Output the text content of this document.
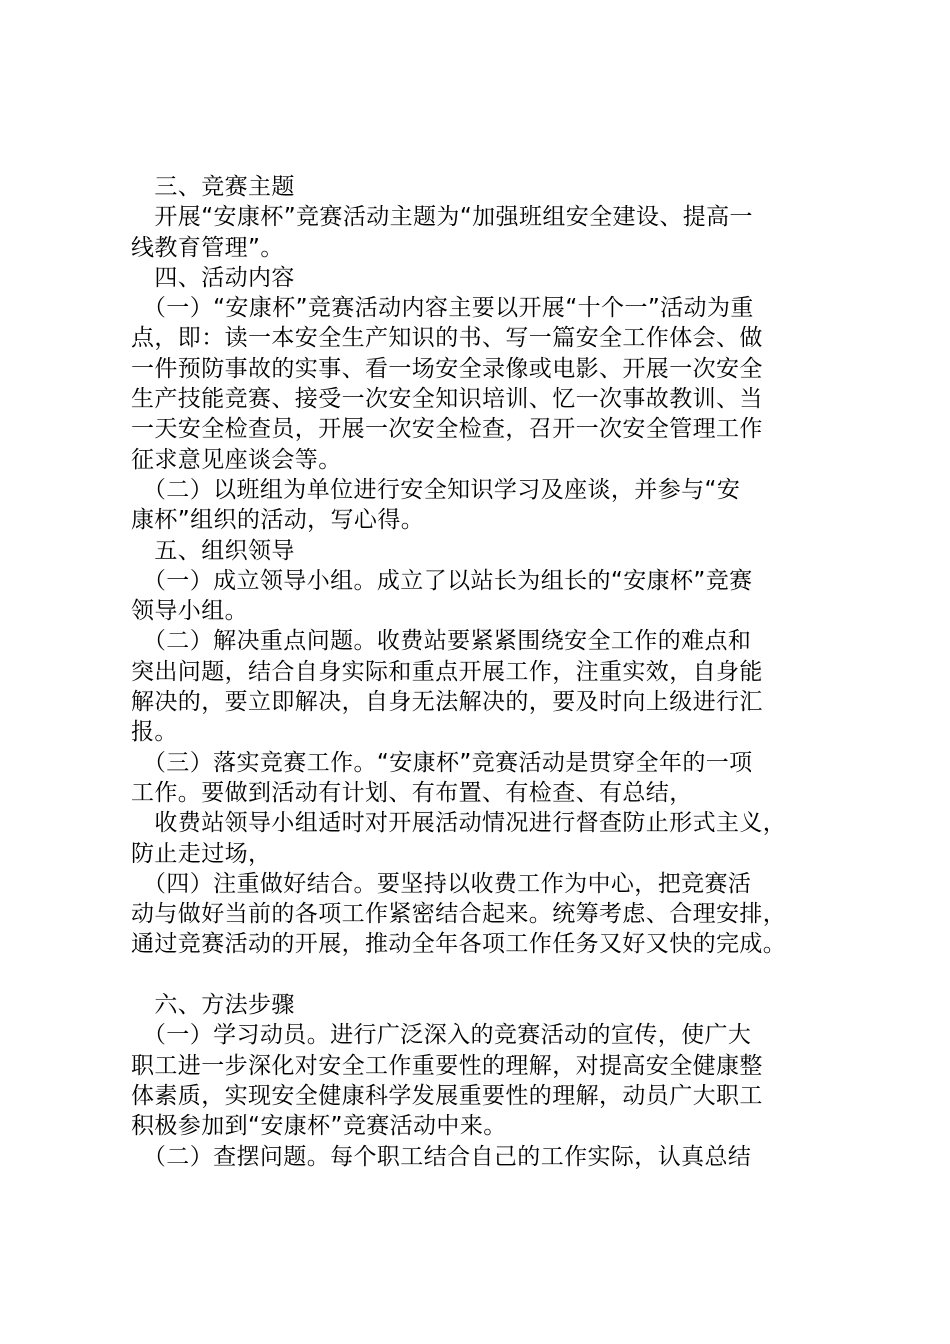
　三、竞赛主题
　开展“安康杯”竞赛活动主题为“加强班组安全建设、提高一
线教育管理”。
　四、活动内容
　（一）“安康杯”竞赛活动内容主要以开展“十个一”活动为重
点，即：读一本安全生产知识的书、写一篇安全工作体会、做
一件预防事故的实事、看一场安全录像或电影、开展一次安全
生产技能竞赛、接受一次安全知识培训、忆一次事故教训、当
一天安全检查员，开展一次安全检查，召开一次安全管理工作
征求意见座谈会等。
　（二）以班组为单位进行安全知识学习及座谈，并参与“安
康杯”组织的活动，写心得。
　五、组织领导
　（一）成立领导小组。成立了以站长为组长的“安康杯”竞赛
领导小组。
　（二）解决重点问题。收费站要紧紧围绕安全工作的难点和
突出问题，结合自身实际和重点开展工作，注重实效，自身能
解决的，要立即解决，自身无法解决的，要及时向上级进行汇
报。
　（三）落实竞赛工作。“安康杯”竞赛活动是贯穿全年的一项
工作。要做到活动有计划、有布置、有检查、有总结，
　收费站领导小组适时对开展活动情况进行督查防止形式主义，
防止走过场，
　（四）注重做好结合。要坚持以收费工作为中心，把竞赛活
动与做好当前的各项工作紧密结合起来。统筹考虑、合理安排，
通过竞赛活动的开展，推动全年各项工作任务又好又快的完成。
　六、方法步骤
　（一）学习动员。进行广泛深入的竞赛活动的宣传，使广大
职工进一步深化对安全工作重要性的理解，对提高安全健康整
体素质，实现安全健康科学发展重要性的理解，动员广大职工
积极参加到“安康杯”竞赛活动中来。
　（二）查摆问题。每个职工结合自己的工作实际，认真总结
